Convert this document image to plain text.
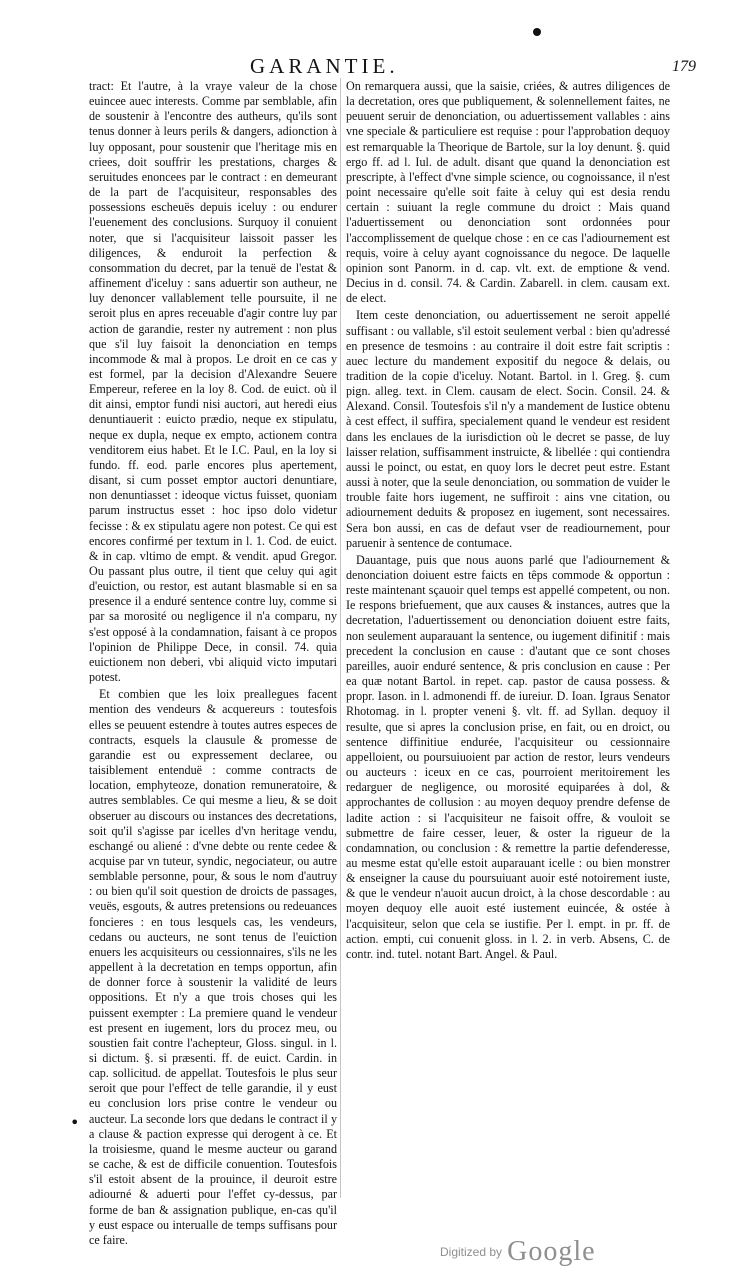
GARANTIE.	179

tract: Et l'autre, à la vraye valeur de la chose euincee auec interests. Comme par semblable, afin de soustenir à l'encontre des autheurs, qu'ils sont tenus donner à leurs perils & dangers, adionction à luy opposant, pour soustenir que l'heritage mis en criees, doit souffrir les prestations, charges & seruitudes enoncees par le contract : en demeurant de la part de l'acquisiteur, responsables des possessions escheuës depuis iceluy : ou endurer l'euenement des conclusions. Surquoy il conuient noter, que si l'acquisiteur laissoit passer les diligences, & enduroit la perfection & consommation du decret, par la tenuë de l'estat & affinement d'iceluy : sans aduertir son autheur, ne luy denoncer vallablement telle poursuite, il ne seroit plus en apres receuable d'agir contre luy par action de garandie, rester ny autrement : non plus que s'il luy faisoit la denonciation en temps incommode & mal à propos. Le droit en ce cas y est formel, par la decision d'Alexandre Seuere Empereur, referee en la loy 8. Cod. de euict. où il dit ainsi, emptor fundi nisi auctori, aut heredi eius denuntiauerit : euicto prædio, neque ex stipulatu, neque ex dupla, neque ex empto, actionem contra venditorem eius habet. Et le I.C. Paul, en la loy si fundo. ff. eod. parle encores plus apertement, disant, si cum posset emptor auctori denuntiare, non denuntiasset : ideoque victus fuisset, quoniam parum instructus esset : hoc ipso dolo videtur fecisse : & ex stipulatu agere non potest. Ce qui est encores confirmé per textum in l. 1. Cod. de euict. & in cap. vltimo de empt. & vendit. apud Gregor. Ou passant plus outre, il tient que celuy qui agit d'euiction, ou restor, est autant blasmable si en sa presence il a enduré sentence contre luy, comme si par sa morosité ou negligence il n'a comparu, ny s'est opposé à la condamnation, faisant à ce propos l'opinion de Philippe Dece, in consil. 74. quia euictionem non deberi, vbi aliquid victo imputari potest.

Et combien que les loix preallegues facent mention des vendeurs & acquereurs : toutesfois elles se peuuent estendre à toutes autres especes de contracts, esquels la clausule & promesse de garandie est ou expressement declaree, ou taisiblement entenduë : comme contracts de location, emphyteoze, donation remuneratoire, & autres semblables. Ce qui mesme a lieu, & se doit obseruer au discours ou instances des decretations, soit qu'il s'agisse par icelles d'vn heritage vendu, eschangé ou aliené : d'vne debte ou rente cedee & acquise par vn tuteur, syndic, negociateur, ou autre semblable personne, pour, & sous le nom d'autruy : ou bien qu'il soit question de droicts de passages, veuës, esgouts, & autres pretensions ou redeuances foncieres : en tous lesquels cas, les vendeurs, cedans ou aucteurs, ne sont tenus de l'euiction enuers les acquisiteurs ou cessionnaires, s'ils ne les appellent à la decretation en temps opportun, afin de donner force à soustenir la validité de leurs oppositions. Et n'y a que trois choses qui les puissent exempter : La premiere quand le vendeur est present en iugement, lors du procez meu, ou soustien fait contre l'achepteur, Gloss. singul. in l. si dictum. §. si præsenti. ff. de euict. Cardin. in cap. sollicitud. de appellat. Toutesfois le plus seur seroit que pour l'effect de telle garandie, il y eust eu conclusion lors prise contre le vendeur ou aucteur. La seconde lors que dedans le contract il y a clause & paction expresse qui derogent à ce. Et la troisiesme, quand le mesme aucteur ou garand se cache, & est de difficile conuention. Toutesfois s'il estoit absent de la prouince, il deuroit estre adiourné & aduerti pour l'effet cy-dessus, par forme de ban & assignation publique, en-cas qu'il y eust espace ou interualle de temps suffisans pour ce faire.

On remarquera aussi, que la saisie, criées, & autres diligences de la decretation, ores que publiquement, & solennellement faites, ne peuuent seruir de denonciation, ou aduertissement vallables : ains vne speciale & particuliere est requise : pour l'approbation dequoy est remarquable la Theorique de Bartole, sur la loy denunt. §. quid ergo ff. ad l. Iul. de adult. disant que quand la denonciation est prescripte, à l'effect d'vne simple science, ou cognoissance, il n'est point necessaire qu'elle soit faite à celuy qui est desia rendu certain : suiuant la regle commune du droict : Mais quand l'aduertissement ou denonciation sont ordonnées pour l'accomplissement de quelque chose : en ce cas l'adiournement est requis, voire à celuy ayant cognoissance du negoce. De laquelle opinion sont Panorm. in d. cap. vlt. ext. de emptione & vend. Decius in d. consil. 74. & Cardin. Zabarell. in clem. causam ext. de elect.

Item ceste denonciation, ou aduertissement ne seroit appellé suffisant : ou vallable, s'il estoit seulement verbal : bien qu'adressé en presence de tesmoins : au contraire il doit estre fait scriptis : auec lecture du mandement expositif du negoce & delais, ou tradition de la copie d'iceluy. Notant. Bartol. in l. Greg. §. cum pign. alleg. text. in Clem. causam de elect. Socin. Consil. 24. & Alexand. Consil. Toutesfois s'il n'y a mandement de Iustice obtenu à cest effect, il suffira, specialement quand le vendeur est resident dans les enclaues de la iurisdiction où le decret se passe, de luy laisser relation, suffisamment instruicte, & libellée : qui contiendra aussi le poinct, ou estat, en quoy lors le decret peut estre. Estant aussi à noter, que la seule denonciation, ou sommation de vuider le trouble faite hors iugement, ne suffiroit : ains vne citation, ou adiournement deduits & proposez en iugement, sont necessaires. Sera bon aussi, en cas de defaut vser de readiournement, pour paruenir à sentence de contumace.

Dauantage, puis que nous auons parlé que l'adiournement & denonciation doiuent estre faicts en têps commode & opportun : reste maintenant sçauoir quel temps est appellé competent, ou non. Ie respons briefuement, que aux causes & instances, autres que la decretation, l'aduertissement ou denonciation doiuent estre faits, non seulement auparauant la sentence, ou iugement difinitif : mais precedent la conclusion en cause : d'autant que ce sont choses pareilles, auoir enduré sentence, & pris conclusion en cause : Per ea quæ notant Bartol. in repet. cap. pastor de causa possess. & propr. Iason. in l. admonendi ff. de iureiur. D. Ioan. Igraus Senator Rhotomag. in l. propter veneni §. vlt. ff. ad Syllan. dequoy il resulte, que si apres la conclusion prise, en fait, ou en droict, ou sentence diffinitiue endurée, l'acquisiteur ou cessionnaire appelloient, ou poursuiuoient par action de restor, leurs vendeurs ou aucteurs : iceux en ce cas, pourroient meritoirement les redarguer de negligence, ou morosité equiparées à dol, & approchantes de collusion : au moyen dequoy prendre defense de ladite action : si l'acquisiteur ne faisoit offre, & vouloit se submettre de faire cesser, leuer, & oster la rigueur de la condamnation, ou conclusion : & remettre la partie defenderesse, au mesme estat qu'elle estoit auparauant icelle : ou bien monstrer & enseigner la cause du poursuiuant auoir esté notoirement iuste, & que le vendeur n'auoit aucun droict, à la chose descordable : au moyen dequoy elle auoit esté iustement euincée, & ostée à l'acquisiteur, selon que cela se iustifie. Per l. empt. in pr. ff. de action. empti, cui conuenit gloss. in l. 2. in verb. Absens, C. de contr. ind. tutel. notant Bart. Angel. & Paul.

•
Digitized by Google
